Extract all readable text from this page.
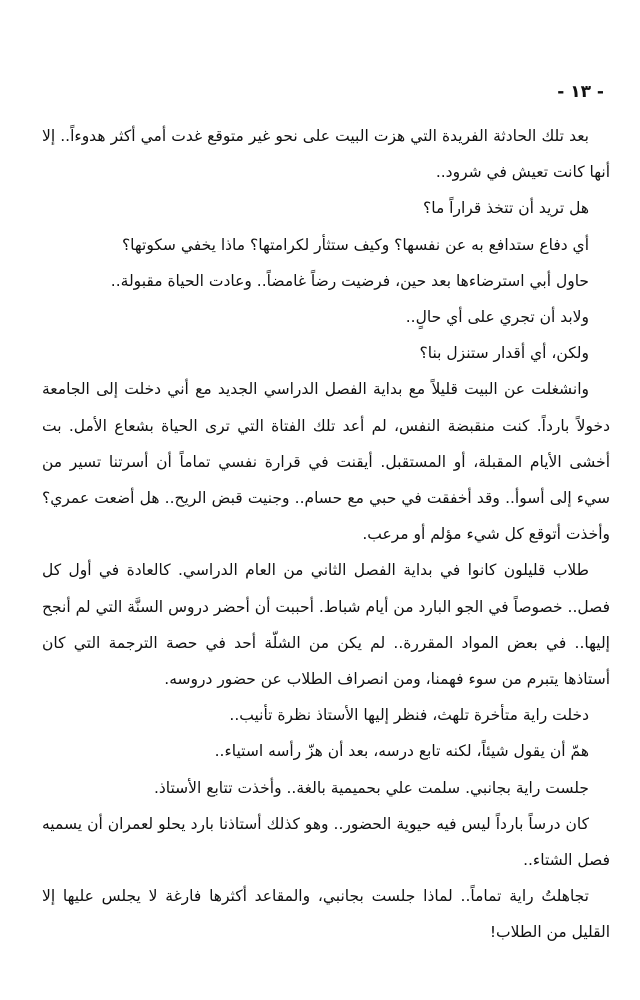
- ١٣ -

بعد تلك الحادثة الفريدة التي هزت البيت على نحو غير متوقع غدت أمي أكثر هدوءاً.. إلا أنها كانت تعيش في شرود..

هل تريد أن تتخذ قراراً ما؟

أي دفاع ستدافع به عن نفسها؟ وكيف ستثأر لكرامتها؟ ماذا يخفي سكوتها؟

حاول أبي استرضاءها بعد حين، فرضيت رضاً غامضاً.. وعادت الحياة مقبولة..

ولابد أن تجري على أي حالٍ..

ولكن، أي أقدار ستنزل بنا؟

وانشغلت عن البيت قليلاً مع بداية الفصل الدراسي الجديد مع أني دخلت إلى الجامعة دخولاً بارداً. كنت منقبضة النفس، لم أعد تلك الفتاة التي ترى الحياة بشعاع الأمل. بت أخشى الأيام المقبلة، أو المستقبل. أيقنت في قرارة نفسي تماماً أن أسرتنا تسير من سيء إلى أسوأ.. وقد أخفقت في حبي مع حسام.. وجنيت قبض الريح.. هل أضعت عمري؟ وأخذت أتوقع كل شيء مؤلم أو مرعب.

طلاب قليلون كانوا في بداية الفصل الثاني من العام الدراسي. كالعادة في أول كل فصل.. خصوصاً في الجو البارد من أيام شباط. أحببت أن أحضر دروس السنَّة التي لم أنجح إليها.. في بعض المواد المقررة.. لم يكن من الشلّة أحد في حصة الترجمة التي كان أستاذها يتبرم من سوء فهمنا، ومن انصراف الطلاب عن حضور دروسه.

دخلت راية متأخرة تلهث، فنظر إليها الأستاذ نظرة تأنيب..

همّ أن يقول شيئاً، لكنه تابع درسه، بعد أن هزّ رأسه استياء..

جلست راية بجانبي. سلمت علي بحميمية بالغة.. وأخذت تتابع الأستاذ.

كان درساً بارداً ليس فيه حيوية الحضور.. وهو كذلك أستاذنا بارد يحلو لعمران أن يسميه فصل الشتاء..

تجاهلتُ راية تماماً.. لماذا جلست بجانبي، والمقاعد أكثرها فارغة لا يجلس عليها إلا القليل من الطلاب!
